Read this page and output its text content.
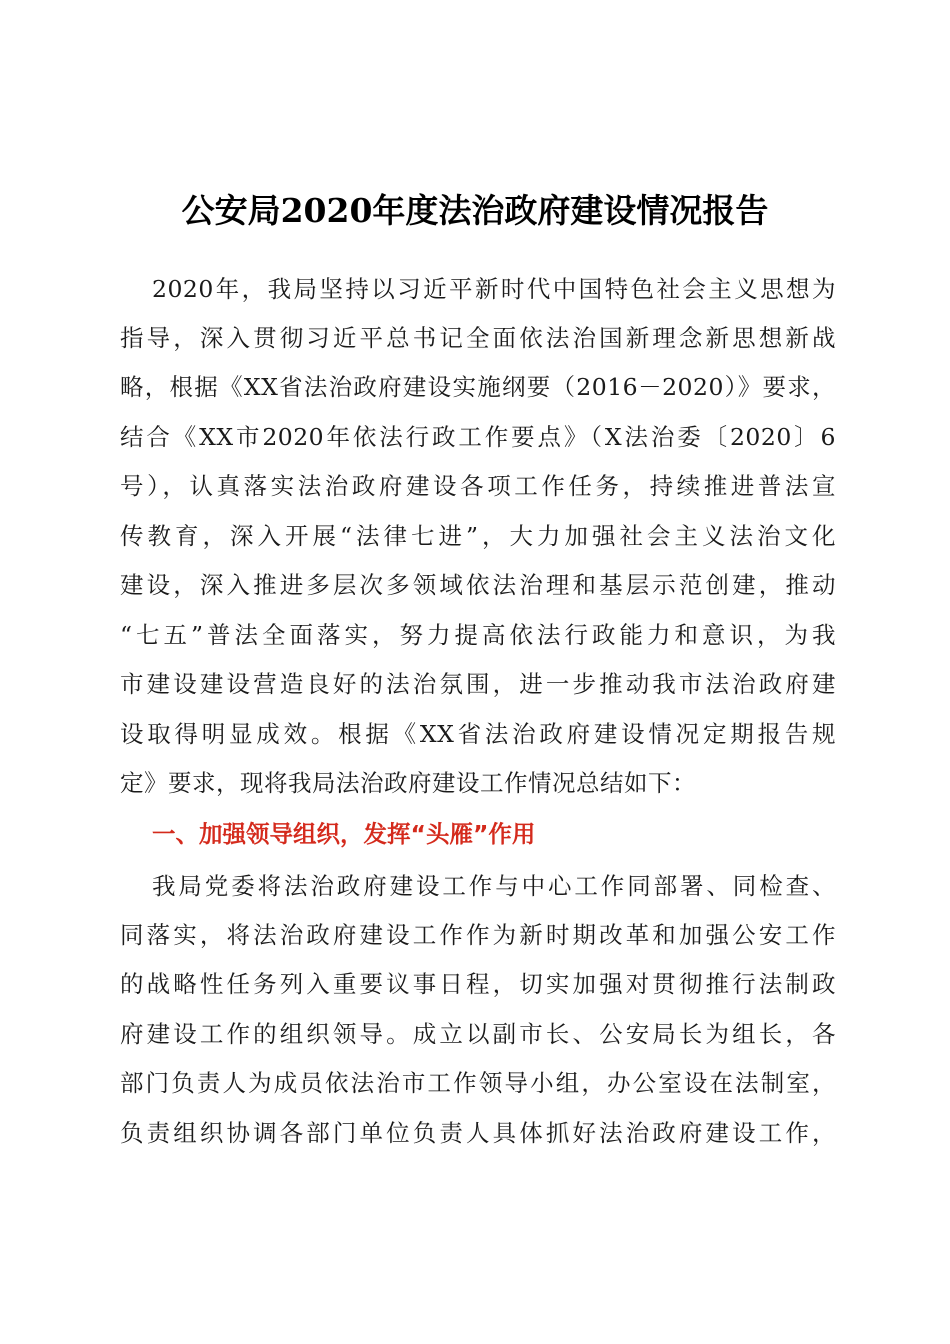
公安局2020年度法治政府建设情况报告
2020年，我局坚持以习近平新时代中国特色社会主义思想为
指导，深入贯彻习近平总书记全面依法治国新理念新思想新战
略，根据《XX省法治政府建设实施纲要（2016－2020）》要求，
结合《XX市2020年依法行政工作要点》（X法治委〔2020〕6
号），认真落实法治政府建设各项工作任务，持续推进普法宣
传教育，深入开展“法律七进”，大力加强社会主义法治文化
建设，深入推进多层次多领域依法治理和基层示范创建，推动
“七五”普法全面落实，努力提高依法行政能力和意识，为我
市建设建设营造良好的法治氛围，进一步推动我市法治政府建
设取得明显成效。根据《XX省法治政府建设情况定期报告规
定》要求，现将我局法治政府建设工作情况总结如下：
一、加强领导组织，发挥“头雁”作用
我局党委将法治政府建设工作与中心工作同部署、同检查、
同落实，将法治政府建设工作作为新时期改革和加强公安工作
的战略性任务列入重要议事日程，切实加强对贯彻推行法制政
府建设工作的组织领导。成立以副市长、公安局长为组长，各
部门负责人为成员依法治市工作领导小组，办公室设在法制室，
负责组织协调各部门单位负责人具体抓好法治政府建设工作，
